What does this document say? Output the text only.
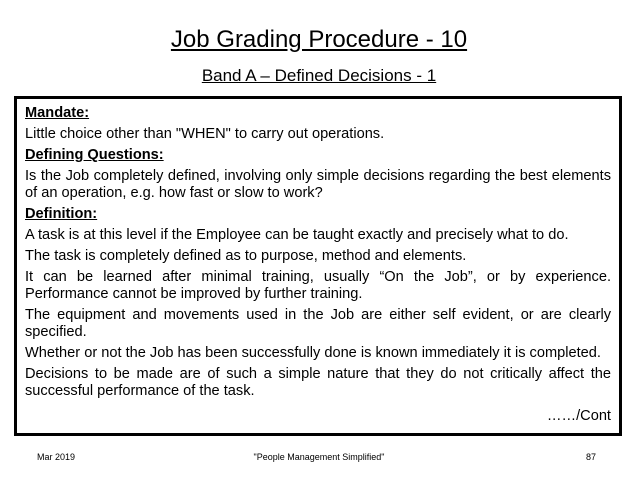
Job Grading Procedure - 10
Band A – Defined Decisions - 1

Mandate:

Little choice other than "WHEN" to carry out operations.

Defining Questions:

Is the Job completely defined, involving only simple decisions regarding the best elements of an operation, e.g. how fast or slow to work?

Definition:

A task is at this level if the Employee can be taught exactly and precisely what to do.

The task is completely defined as to purpose, method and elements.

It can be learned after minimal training, usually “On the Job”, or by experience. Performance cannot be improved by further training.

The equipment and movements used in the Job are either self evident, or are clearly specified.

Whether or not the Job has been successfully done is known immediately it is completed.

Decisions to be made are of such a simple nature that they do not critically affect the successful performance of the task.

……/Cont

Mar 2019	"People Management Simplified"	87
